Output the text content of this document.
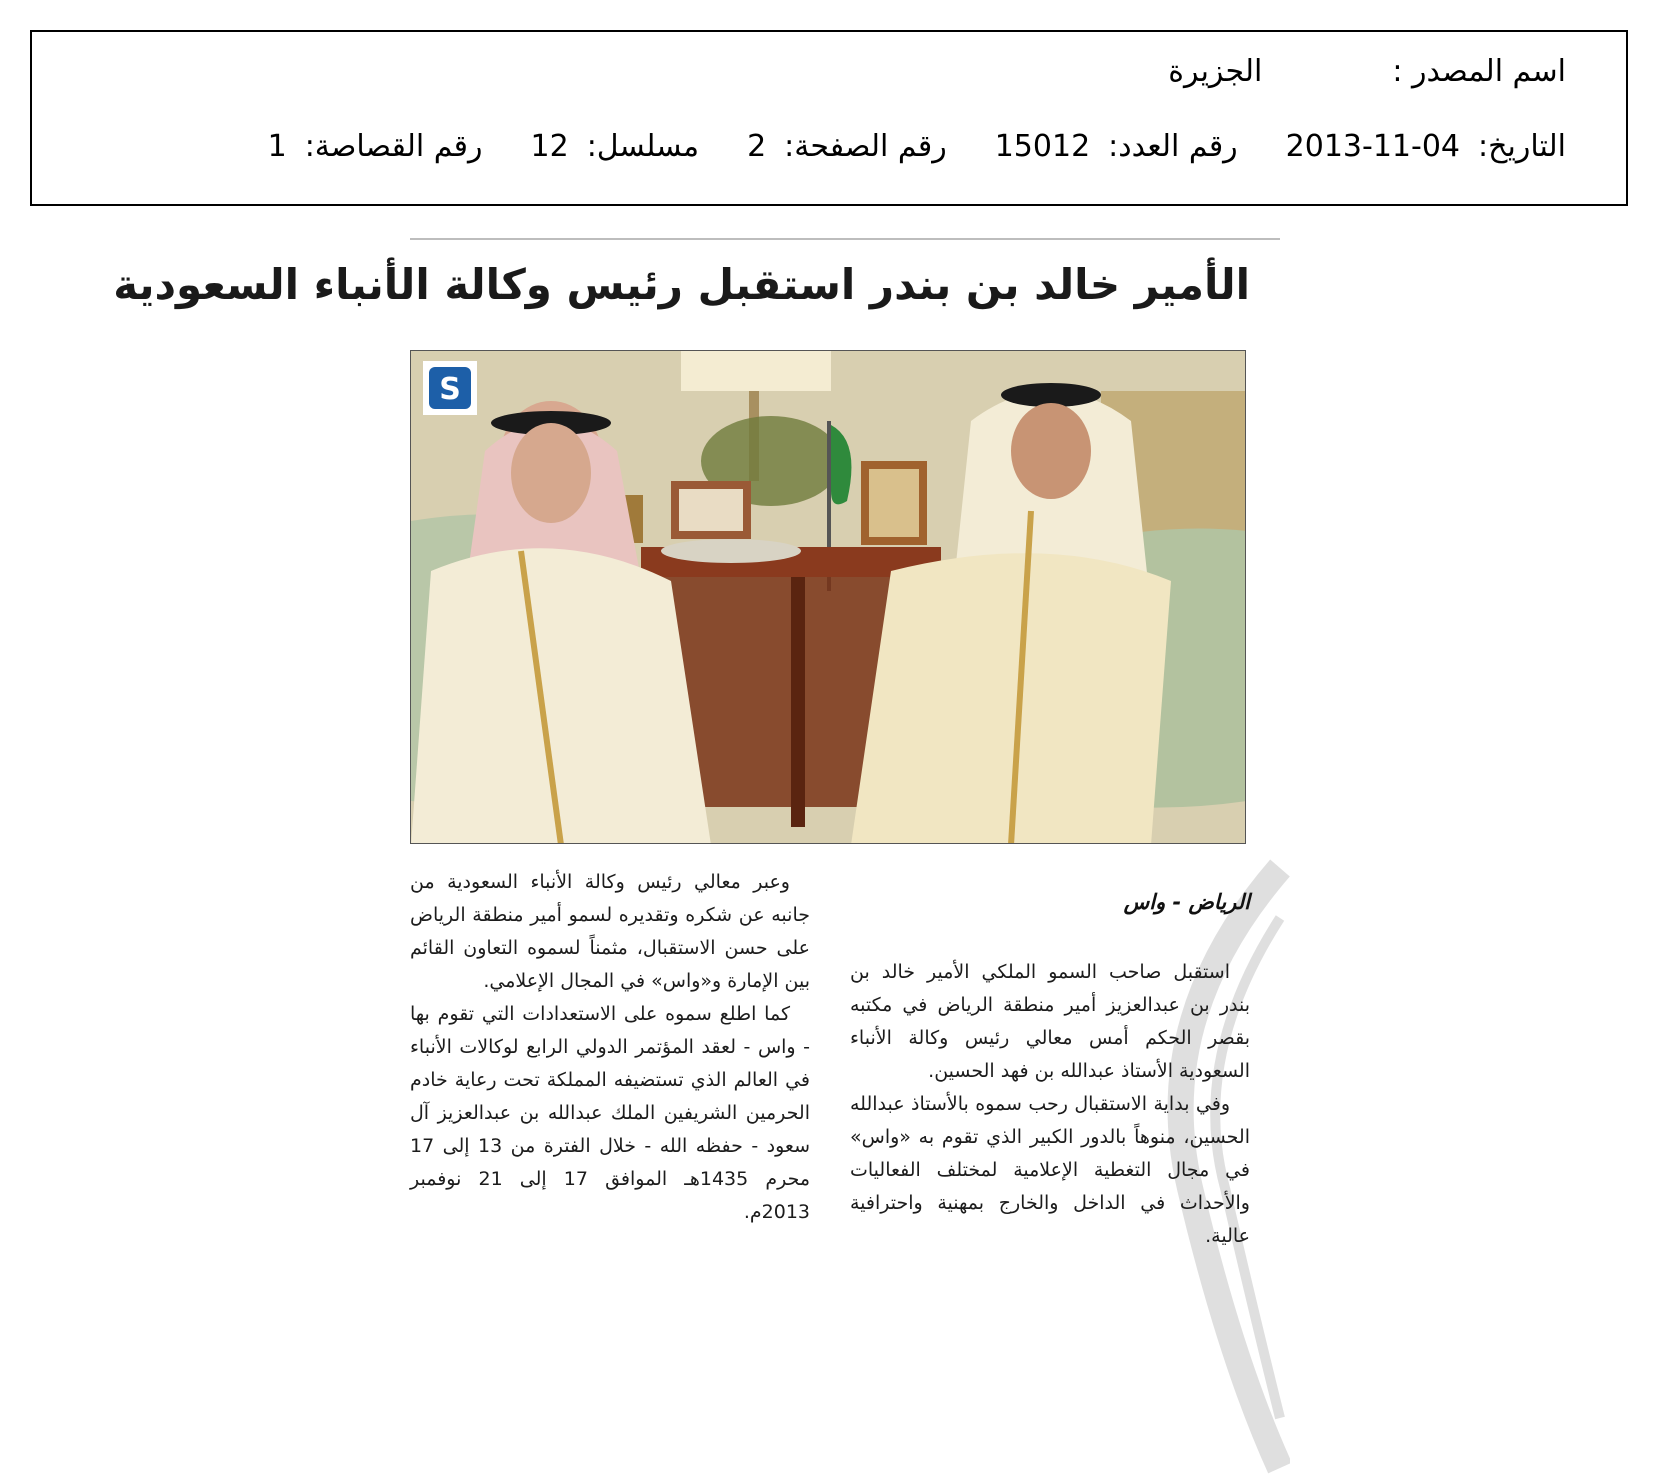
اسم المصدر :
الجزيرة
التاريخ:
2013-11-04
رقم العدد:
15012
رقم الصفحة:
2
مسلسل:
12
رقم القصاصة:
1
الأمير خالد بن بندر استقبل رئيس وكالة الأنباء السعودية
S
الرياض - واس

استقبل صاحب السمو الملكي الأمير خالد بن بندر بن عبدالعزيز أمير منطقة الرياض في مكتبه بقصر الحكم أمس معالي رئيس وكالة الأنباء السعودية الأستاذ عبدالله بن فهد الحسين.

وفي بداية الاستقبال رحب سموه بالأستاذ عبدالله الحسين، منوهاً بالدور الكبير الذي تقوم به «واس» في مجال التغطية الإعلامية لمختلف الفعاليات والأحداث في الداخل والخارج بمهنية واحترافية عالية.

وعبر معالي رئيس وكالة الأنباء السعودية من جانبه عن شكره وتقديره لسمو أمير منطقة الرياض على حسن الاستقبال، مثمناً لسموه التعاون القائم بين الإمارة و«واس» في المجال الإعلامي.

كما اطلع سموه على الاستعدادات التي تقوم بها - واس - لعقد المؤتمر الدولي الرابع لوكالات الأنباء في العالم الذي تستضيفه المملكة تحت رعاية خادم الحرمين الشريفين الملك عبدالله بن عبدالعزيز آل سعود - حفظه الله - خلال الفترة من 13 إلى 17 محرم 1435هـ الموافق 17 إلى 21 نوفمبر 2013م.
